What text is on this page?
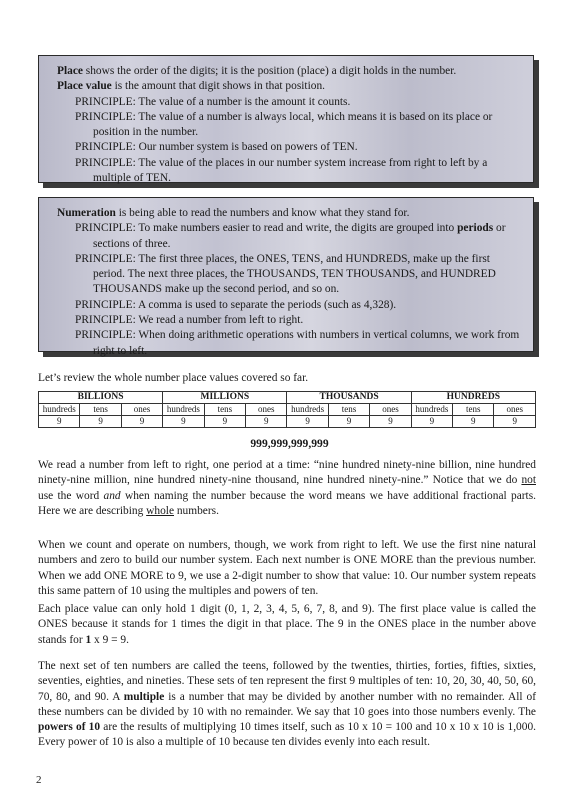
Place shows the order of the digits; it is the position (place) a digit holds in the number.

Place value is the amount that digit shows in that position.

PRINCIPLE: The value of a number is the amount it counts.

PRINCIPLE: The value of a number is always local, which means it is based on its place or position in the number.

PRINCIPLE: Our number system is based on powers of TEN.

PRINCIPLE: The value of the places in our number system increase from right to left by a multiple of TEN.

Numeration is being able to read the numbers and know what they stand for.

PRINCIPLE: To make numbers easier to read and write, the digits are grouped into periods or sections of three.

PRINCIPLE: The first three places, the ONES, TENS, and HUNDREDS, make up the first period. The next three places, the THOUSANDS, TEN THOUSANDS, and HUNDRED THOUSANDS make up the second period, and so on.

PRINCIPLE: A comma is used to separate the periods (such as 4,328).

PRINCIPLE: We read a number from left to right.

PRINCIPLE: When doing arithmetic operations with numbers in vertical columns, we work from right to left.

Let’s review the whole number place values covered so far.
BILLIONS			MILLIONS			THOUSANDS			HUNDREDS		
hundreds	tens	ones	hundreds	tens	ones	hundreds	tens	ones	hundreds	tens	ones
9	9	9	9	9	9	9	9	9	9	9	9
999,999,999,999

We read a number from left to right, one period at a time: “nine hundred ninety-nine billion, nine hundred ninety-nine million, nine hundred ninety-nine thousand, nine hundred ninety-nine.” Notice that we do not use the word and when naming the number because the word means we have additional fractional parts. Here we are describing whole numbers.

When we count and operate on numbers, though, we work from right to left. We use the first nine natural numbers and zero to build our number system. Each next number is ONE MORE than the previous number. When we add ONE MORE to 9, we use a 2-digit number to show that value: 10. Our number system repeats this same pattern of 10 using the multiples and powers of ten.

Each place value can only hold 1 digit (0, 1, 2, 3, 4, 5, 6, 7, 8, and 9). The first place value is called the ONES because it stands for 1 times the digit in that place. The 9 in the ONES place in the number above stands for 1 x 9 = 9.

The next set of ten numbers are called the teens, followed by the twenties, thirties, forties, fifties, sixties, seventies, eighties, and nineties. These sets of ten represent the first 9 multiples of ten: 10, 20, 30, 40, 50, 60, 70, 80, and 90. A multiple is a number that may be divided by another number with no remainder. All of these numbers can be divided by 10 with no remainder. We say that 10 goes into those numbers evenly. The powers of 10 are the results of multiplying 10 times itself, such as 10 x 10 = 100 and 10 x 10 x 10 is 1,000. Every power of 10 is also a multiple of 10 because ten divides evenly into each result.

2
